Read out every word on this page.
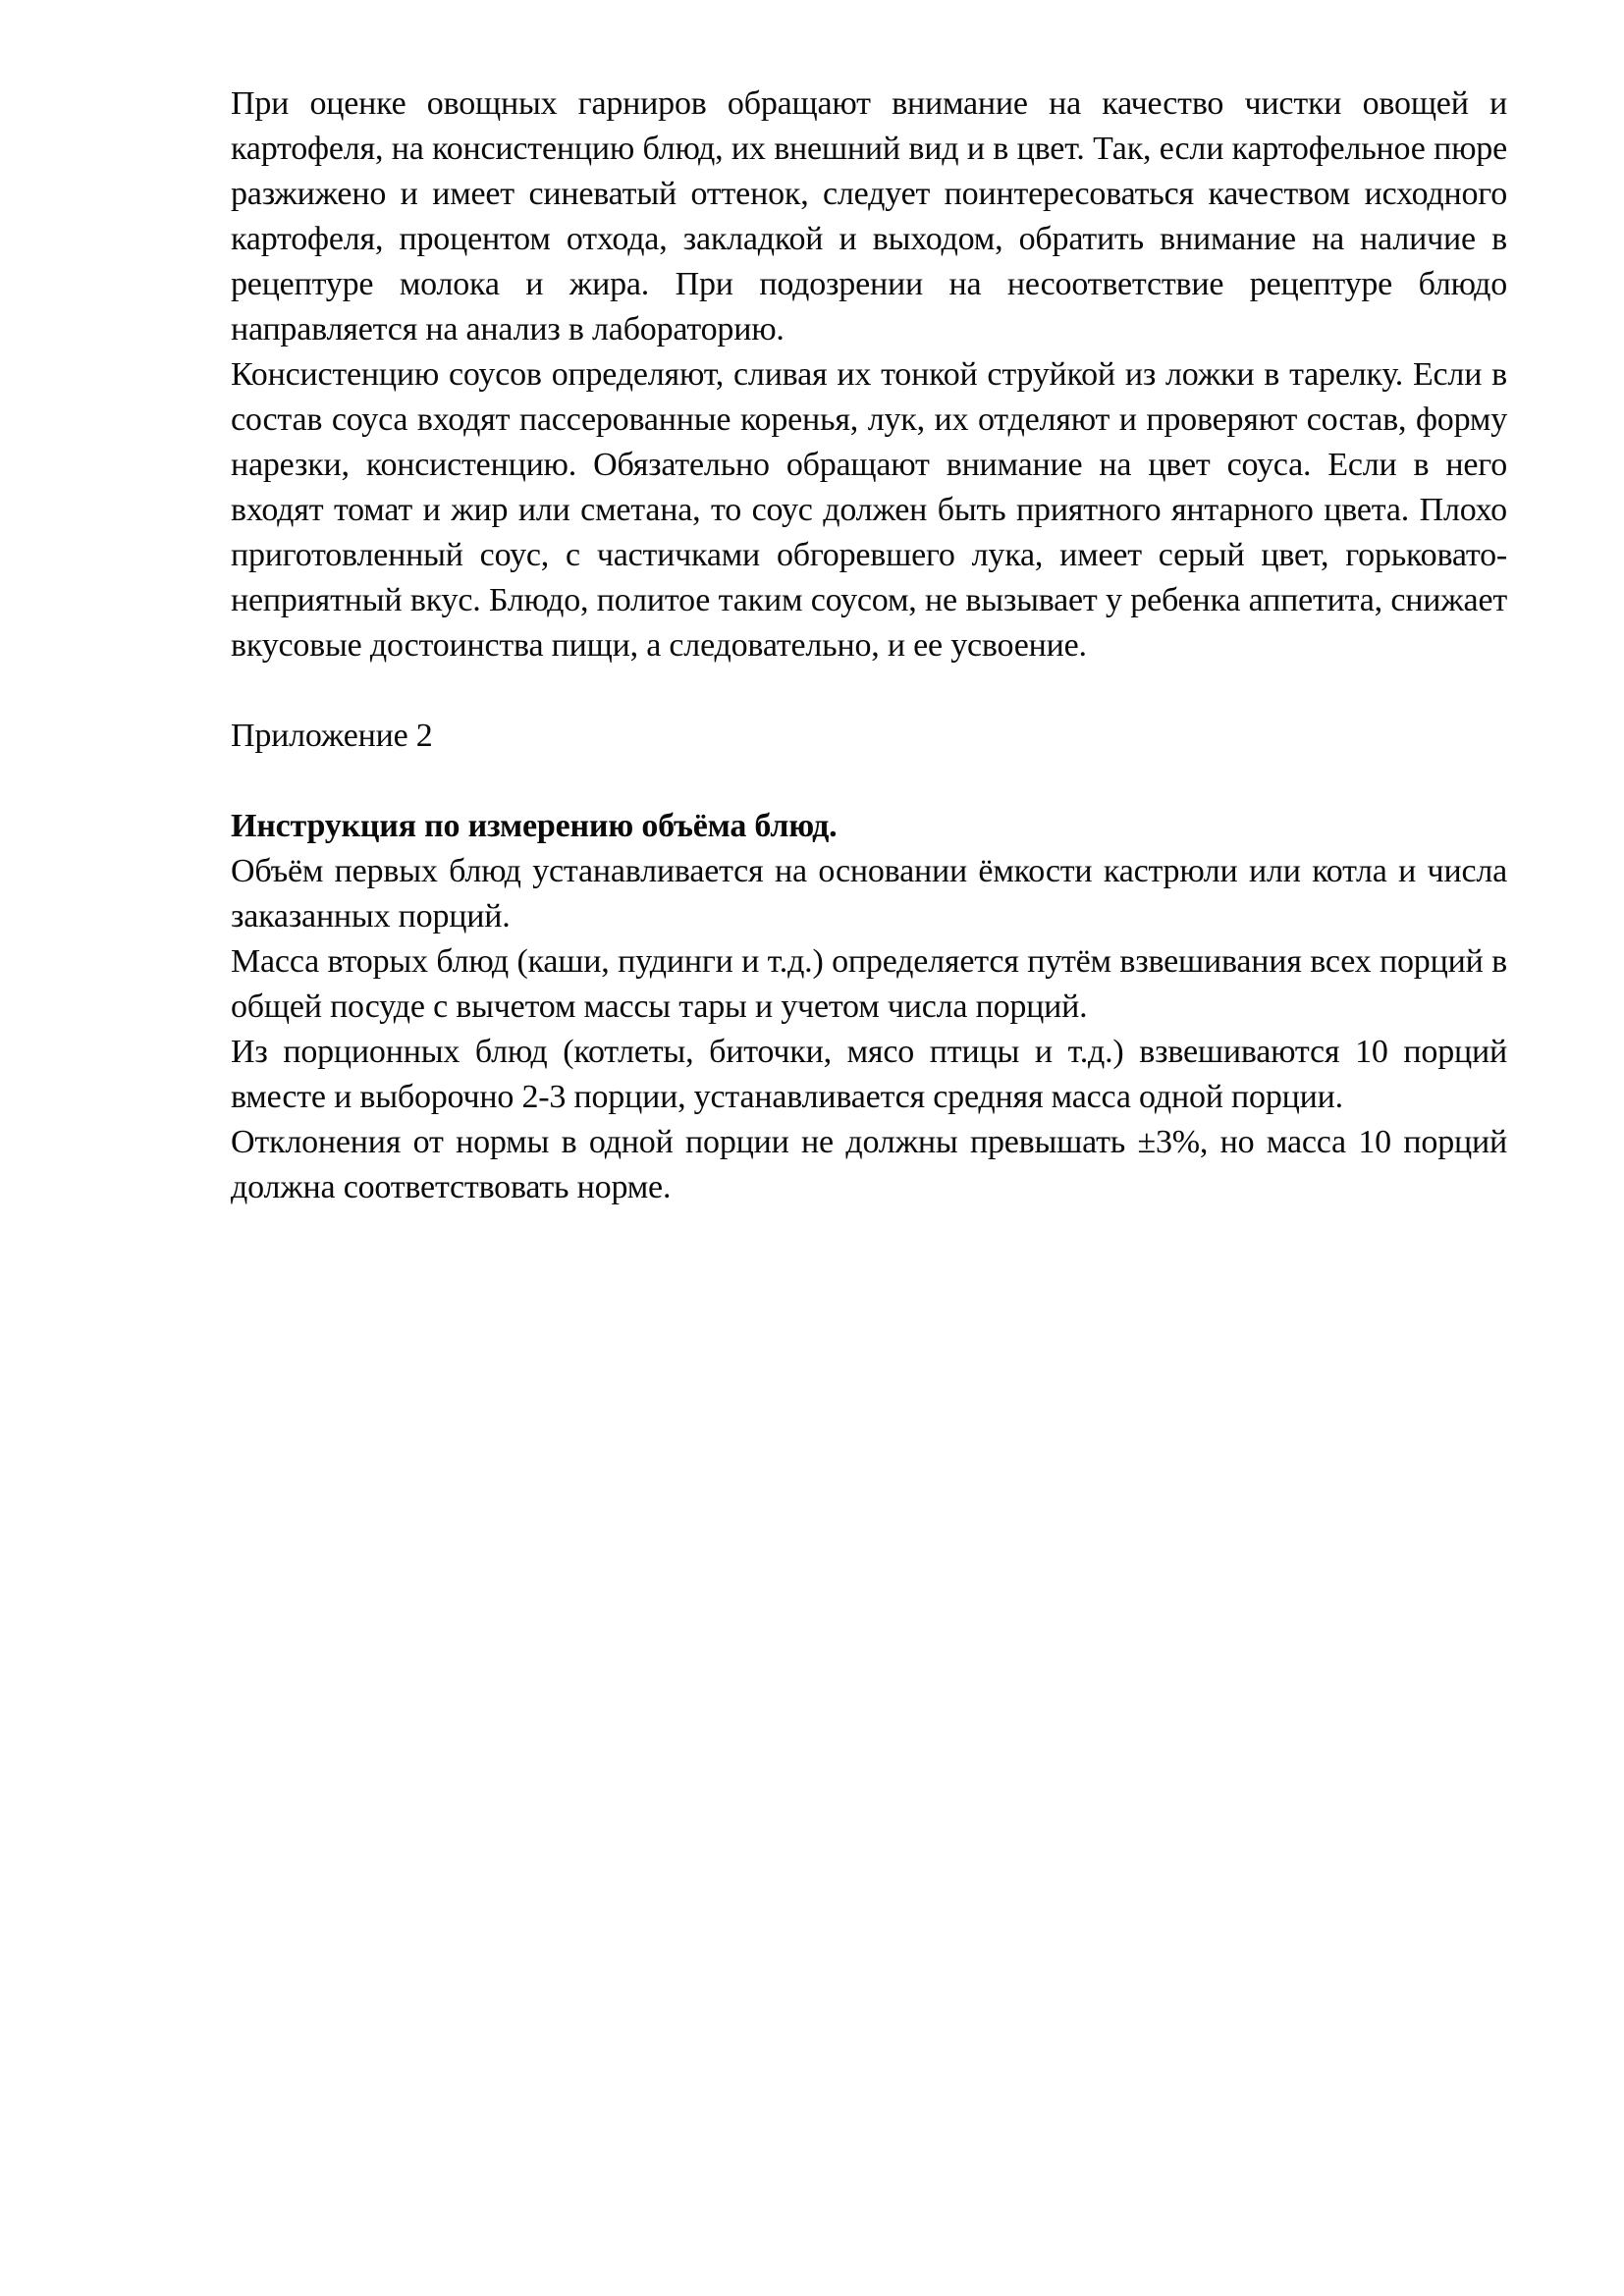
При оценке овощных гарниров обращают внимание на качество чистки овощей и картофеля, на консистенцию блюд, их внешний вид и в цвет. Так, если картофельное пюре разжижено и имеет синеватый оттенок, следует поинтересоваться качеством исходного картофеля, процентом отхода, закладкой и выходом, обратить внимание на наличие в рецептуре молока и жира. При подозрении на несоответствие рецептуре блюдо направляется на анализ в лабораторию.

Консистенцию соусов определяют, сливая их тонкой струйкой из ложки в тарелку. Если в состав соуса входят пассерованные коренья, лук, их отделяют и проверяют состав, форму нарезки, консистенцию. Обязательно обращают внимание на цвет соуса. Если в него входят томат и жир или сметана, то соус должен быть приятного янтарного цвета. Плохо приготовленный соус, с частичками обгоревшего лука, имеет серый цвет, горьковато-неприятный вкус. Блюдо, политое таким соусом, не вызывает у ребенка аппетита, снижает вкусовые достоинства пищи, а следовательно, и ее усвоение.

Приложение 2

Инструкция по измерению объёма блюд.

Объём первых блюд устанавливается на основании ёмкости кастрюли или котла и числа заказанных порций.

Масса вторых блюд (каши, пудинги и т.д.) определяется путём взвешивания всех порций в общей посуде с вычетом массы тары и учетом числа порций.

Из порционных блюд (котлеты, биточки, мясо птицы и т.д.) взвешиваются 10 порций вместе и выборочно 2-3 порции, устанавливается средняя масса одной порции.

Отклонения от нормы в одной порции не должны превышать ±3%, но масса 10 порций должна соответствовать норме.
